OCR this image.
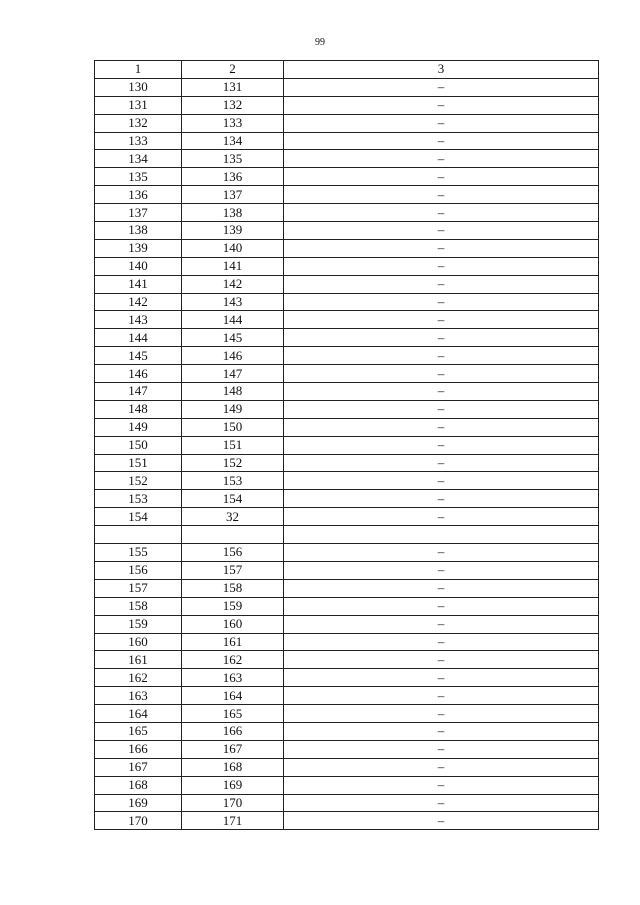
99
1	2	3
130	131	–
131	132	–
132	133	–
133	134	–
134	135	–
135	136	–
136	137	–
137	138	–
138	139	–
139	140	–
140	141	–
141	142	–
142	143	–
143	144	–
144	145	–
145	146	–
146	147	–
147	148	–
148	149	–
149	150	–
150	151	–
151	152	–
152	153	–
153	154	–
154	32	–

155	156	–
156	157	–
157	158	–
158	159	–
159	160	–
160	161	–
161	162	–
162	163	–
163	164	–
164	165	–
165	166	–
166	167	–
167	168	–
168	169	–
169	170	–
170	171	–
